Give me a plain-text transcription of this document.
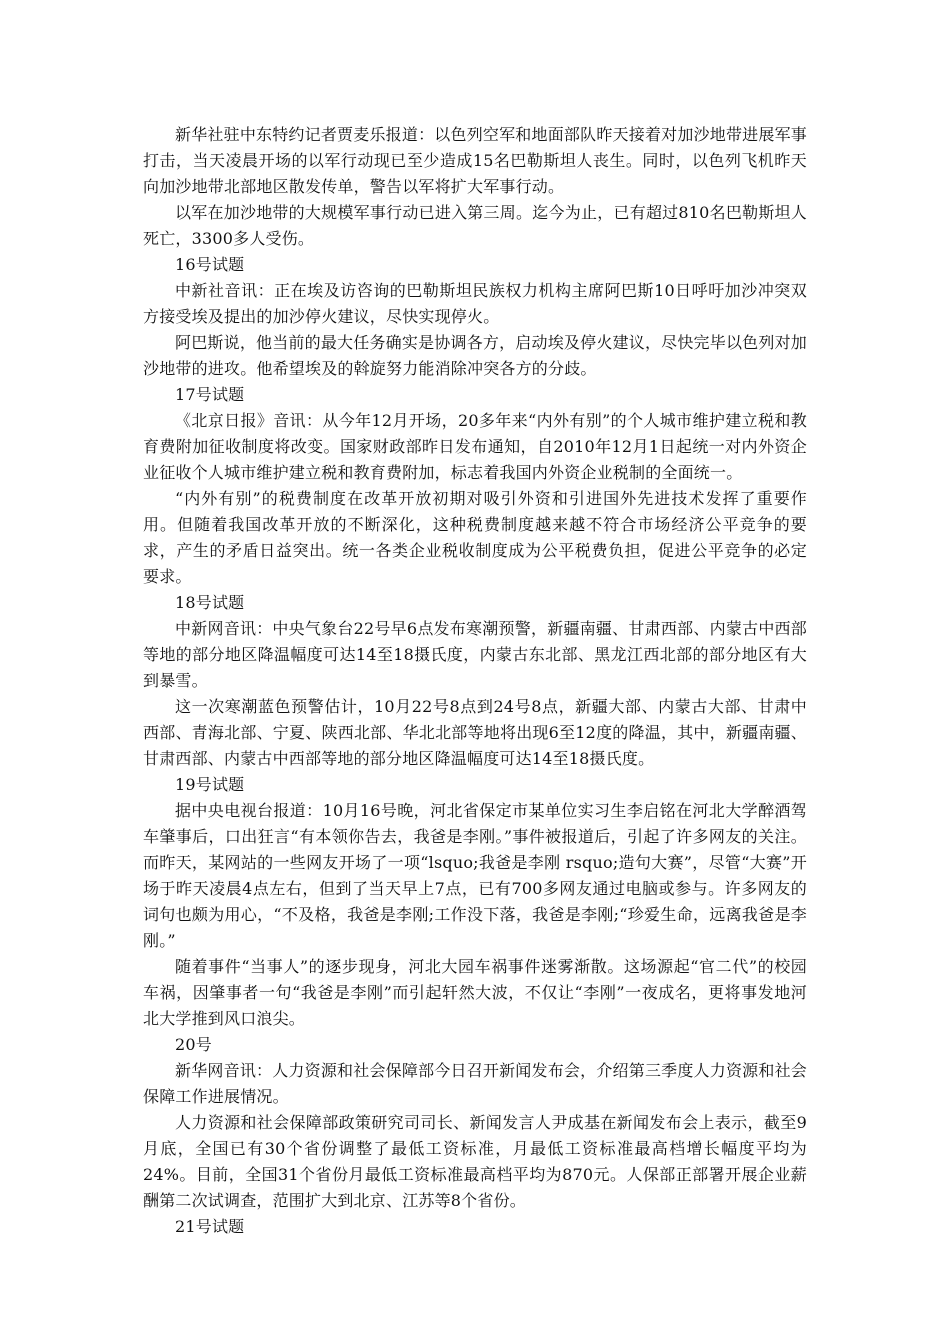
新华社驻中东特约记者贾麦乐报道：以色列空军和地面部队昨天接着对加沙地带进展军事打击，当天凌晨开场的以军行动现已至少造成15名巴勒斯坦人丧生。同时，以色列飞机昨天向加沙地带北部地区散发传单，警告以军将扩大军事行动。

以军在加沙地带的大规模军事行动已进入第三周。迄今为止，已有超过810名巴勒斯坦人死亡，3300多人受伤。

16号试题

中新社音讯：正在埃及访咨询的巴勒斯坦民族权力机构主席阿巴斯10日呼吁加沙冲突双方接受埃及提出的加沙停火建议，尽快实现停火。

阿巴斯说，他当前的最大任务确实是协调各方，启动埃及停火建议，尽快完毕以色列对加沙地带的进攻。他希望埃及的斡旋努力能消除冲突各方的分歧。

17号试题

《北京日报》音讯：从今年12月开场，20多年来“内外有别”的个人城市维护建立税和教育费附加征收制度将改变。国家财政部昨日发布通知，自2010年12月1日起统一对内外资企业征收个人城市维护建立税和教育费附加，标志着我国内外资企业税制的全面统一。

“内外有别”的税费制度在改革开放初期对吸引外资和引进国外先进技术发挥了重要作用。但随着我国改革开放的不断深化，这种税费制度越来越不符合市场经济公平竞争的要求，产生的矛盾日益突出。统一各类企业税收制度成为公平税费负担，促进公平竞争的必定要求。

18号试题

中新网音讯：中央气象台22号早6点发布寒潮预警，新疆南疆、甘肃西部、内蒙古中西部等地的部分地区降温幅度可达14至18摄氏度，内蒙古东北部、黑龙江西北部的部分地区有大到暴雪。

这一次寒潮蓝色预警估计，10月22号8点到24号8点，新疆大部、内蒙古大部、甘肃中西部、青海北部、宁夏、陕西北部、华北北部等地将出现6至12度的降温，其中，新疆南疆、甘肃西部、内蒙古中西部等地的部分地区降温幅度可达14至18摄氏度。

19号试题

据中央电视台报道：10月16号晚，河北省保定市某单位实习生李启铭在河北大学醉酒驾车肇事后，口出狂言“有本领你告去，我爸是李刚。”事件被报道后，引起了许多网友的关注。而昨天，某网站的一些网友开场了一项“lsquo;我爸是李刚 rsquo;造句大赛”，尽管“大赛”开场于昨天凌晨4点左右，但到了当天早上7点，已有700多网友通过电脑或参与。许多网友的词句也颇为用心，“不及格，我爸是李刚;工作没下落，我爸是李刚;“珍爱生命，远离我爸是李刚。”

随着事件“当事人”的逐步现身，河北大园车祸事件迷雾渐散。这场源起“官二代”的校园车祸，因肇事者一句“我爸是李刚”而引起轩然大波，不仅让“李刚”一夜成名，更将事发地河北大学推到风口浪尖。

20号

新华网音讯：人力资源和社会保障部今日召开新闻发布会，介绍第三季度人力资源和社会保障工作进展情况。

人力资源和社会保障部政策研究司司长、新闻发言人尹成基在新闻发布会上表示，截至9月底，全国已有30个省份调整了最低工资标准，月最低工资标准最高档增长幅度平均为24%。目前，全国31个省份月最低工资标准最高档平均为870元。人保部正部署开展企业薪酬第二次试调查，范围扩大到北京、江苏等8个省份。

21号试题
